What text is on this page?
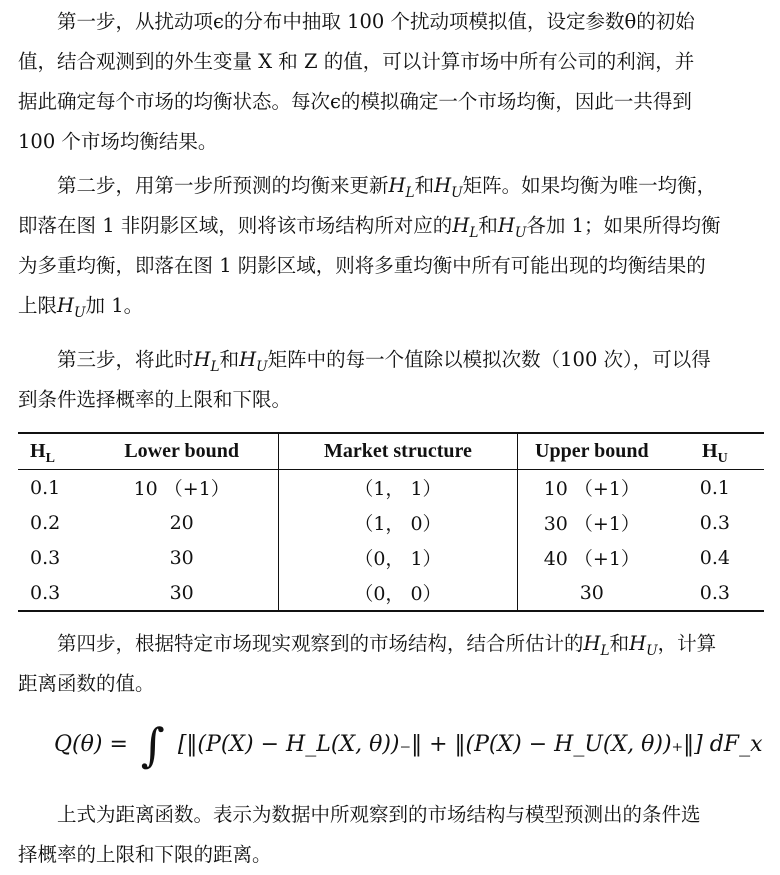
第一步，从扰动项ϵ的分布中抽取 100 个扰动项模拟值，设定参数θ的初始
值，结合观测到的外生变量 X 和 Z 的值，可以计算市场中所有公司的利润，并
据此确定每个市场的均衡状态。每次ϵ的模拟确定一个市场均衡，因此一共得到
100 个市场均衡结果。
第二步，用第一步所预测的均衡来更新$H_L$和$H_U$矩阵。如果均衡为唯一均衡，
即落在图 1 非阴影区域，则将该市场结构所对应的$H_L$和$H_U$各加 1；如果所得均衡
为多重均衡，即落在图 1 阴影区域，则将多重均衡中所有可能出现的均衡结果的
上限$H_U$加 1。
第三步，将此时$H_L$和$H_U$矩阵中的每一个值除以模拟次数（100 次），可以得
到条件选择概率的上限和下限。
$H_L$	Lower bound	Market structure	Upper bound	$H_U$
0.1	10 （+1）	（1， 1）	10 （+1）	0.1
0.2	20	（1， 0）	30 （+1）	0.3
0.3	30	（0， 1）	40 （+1）	0.4
0.3	30	（0， 0）	30	0.3
第四步，根据特定市场现实观察到的市场结构，结合所估计的$H_L$和$H_U$，计算
距离函数的值。
Q(θ) = ∫ [‖(P(X) − H_L(X, θ))₋‖ + ‖(P(X) − H_U(X, θ))₊‖] dF_x
上式为距离函数。表示为数据中所观察到的市场结构与模型预测出的条件选
择概率的上限和下限的距离。
